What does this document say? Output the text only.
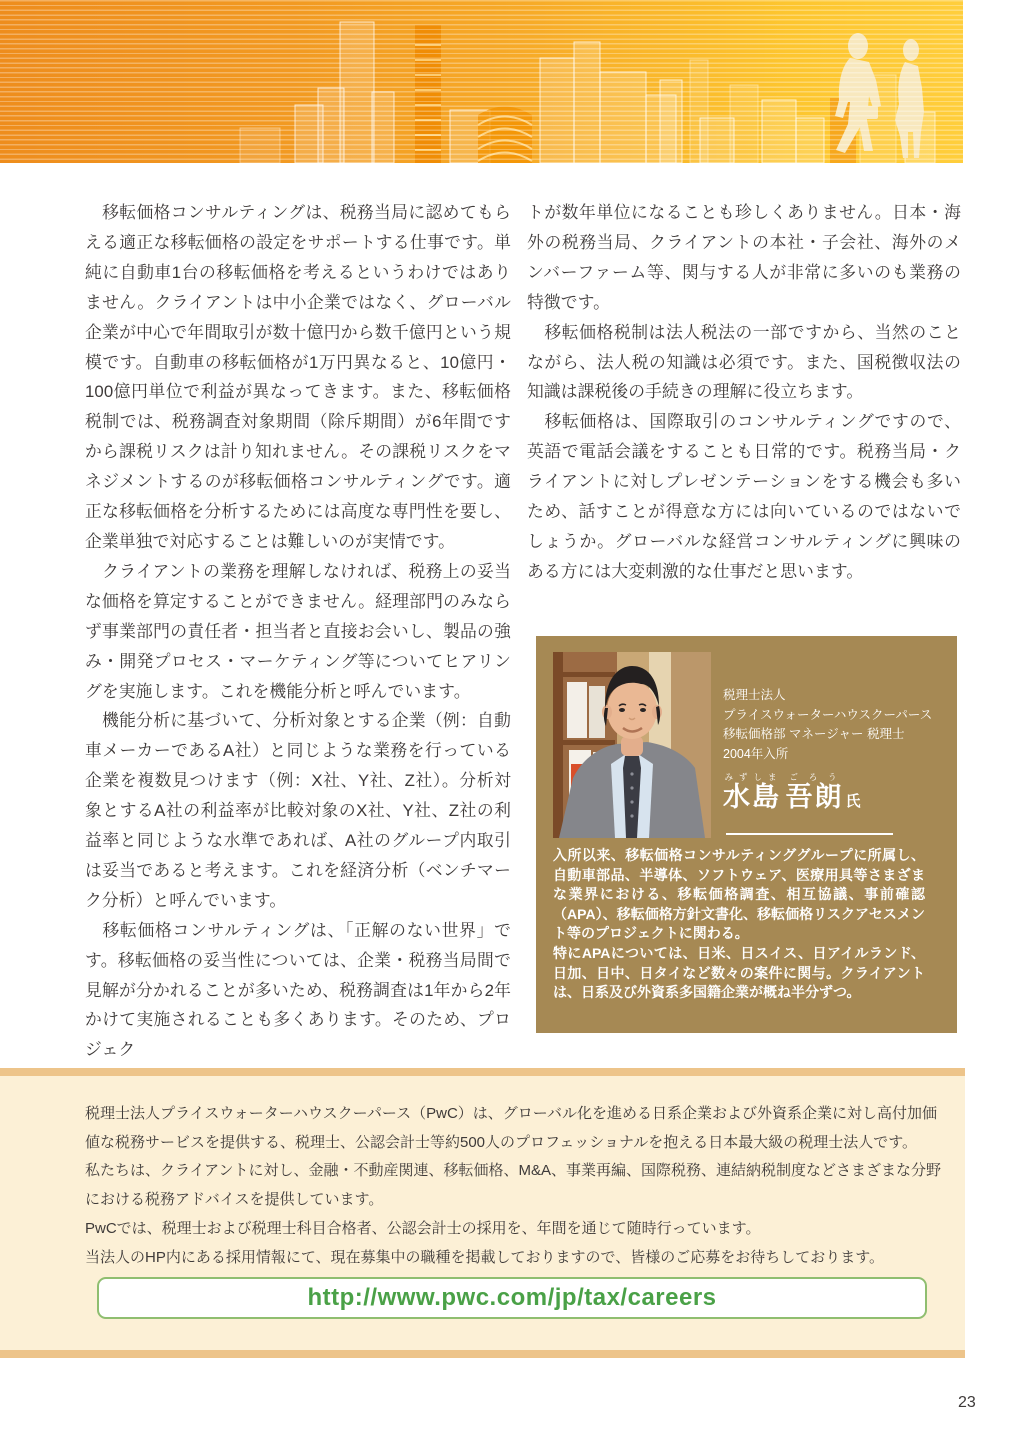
　移転価格コンサルティングは、税務当局に認めてもらえる適正な移転価格の設定をサポートする仕事です。単純に自動車1台の移転価格を考えるというわけではありません。クライアントは中小企業ではなく、グローバル企業が中心で年間取引が数十億円から数千億円という規模です。自動車の移転価格が1万円異なると、10億円・100億円単位で利益が異なってきます。また、移転価格税制では、税務調査対象期間（除斥期間）が6年間ですから課税リスクは計り知れません。その課税リスクをマネジメントするのが移転価格コンサルティングです。適正な移転価格を分析するためには高度な専門性を要し、企業単独で対応することは難しいのが実情です。

　クライアントの業務を理解しなければ、税務上の妥当な価格を算定することができません。経理部門のみならず事業部門の責任者・担当者と直接お会いし、製品の強み・開発プロセス・マーケティング等についてヒアリングを実施します。これを機能分析と呼んでいます。

　機能分析に基づいて、分析対象とする企業（例：自動車メーカーであるA社）と同じような業務を行っている企業を複数見つけます（例：X社、Y社、Z社）。分析対象とするA社の利益率が比較対象のX社、Y社、Z社の利益率と同じような水準であれば、A社のグループ内取引は妥当であると考えます。これを経済分析（ベンチマーク分析）と呼んでいます。

　移転価格コンサルティングは、「正解のない世界」です。移転価格の妥当性については、企業・税務当局間で見解が分かれることが多いため、税務調査は1年から2年かけて実施されることも多くあります。そのため、プロジェク

トが数年単位になることも珍しくありません。日本・海外の税務当局、クライアントの本社・子会社、海外のメンバーファーム等、関与する人が非常に多いのも業務の特徴です。

　移転価格税制は法人税法の一部ですから、当然のことながら、法人税の知識は必須です。また、国税徴収法の知識は課税後の手続きの理解に役立ちます。

　移転価格は、国際取引のコンサルティングですので、英語で電話会議をすることも日常的です。税務当局・クライアントに対しプレゼンテーションをする機会も多いため、話すことが得意な方には向いているのではないでしょうか。グローバルな経営コンサルティングに興味のある方には大変刺激的な仕事だと思います。

税理士法人

プライスウォーターハウスクーパース

移転価格部 マネージャー 税理士

2004年入所

水島みずしま 吾朗ごろう氏

入所以来、移転価格コンサルティンググループに所属し、自動車部品、半導体、ソフトウェア、医療用具等さまざまな業界における、移転価格調査、相互協議、事前確認（APA）、移転価格方針文書化、移転価格リスクアセスメント等のプロジェクトに関わる。

特にAPAについては、日米、日スイス、日アイルランド、日加、日中、日タイなど数々の案件に関与。クライアントは、日系及び外資系多国籍企業が概ね半分ずつ。

税理士法人プライスウォーターハウスクーパース（PwC）は、グローバル化を進める日系企業および外資系企業に対し高付加価値な税務サービスを提供する、税理士、公認会計士等約500人のプロフェッショナルを抱える日本最大級の税理士法人です。

私たちは、クライアントに対し、金融・不動産関連、移転価格、M&A、事業再編、国際税務、連結納税制度などさまざまな分野における税務アドバイスを提供しています。

PwCでは、税理士および税理士科目合格者、公認会計士の採用を、年間を通じて随時行っています。

当法人のHP内にある採用情報にて、現在募集中の職種を掲載しておりますので、皆様のご応募をお待ちしております。

http://www.pwc.com/jp/tax/careers
23
